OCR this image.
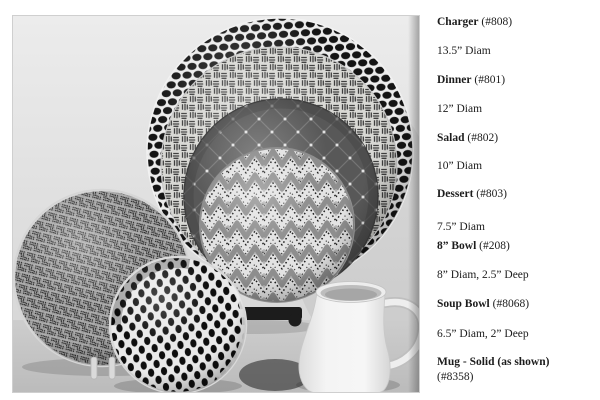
Charger (#808)
13.5” Diam
Dinner (#801)
12” Diam
Salad (#802)
10” Diam
Dessert (#803)
7.5” Diam
8” Bowl (#208)
8” Diam, 2.5” Deep
Soup Bowl (#8068)
6.5” Diam, 2” Deep
Mug - Solid (as shown)
(#8358)
